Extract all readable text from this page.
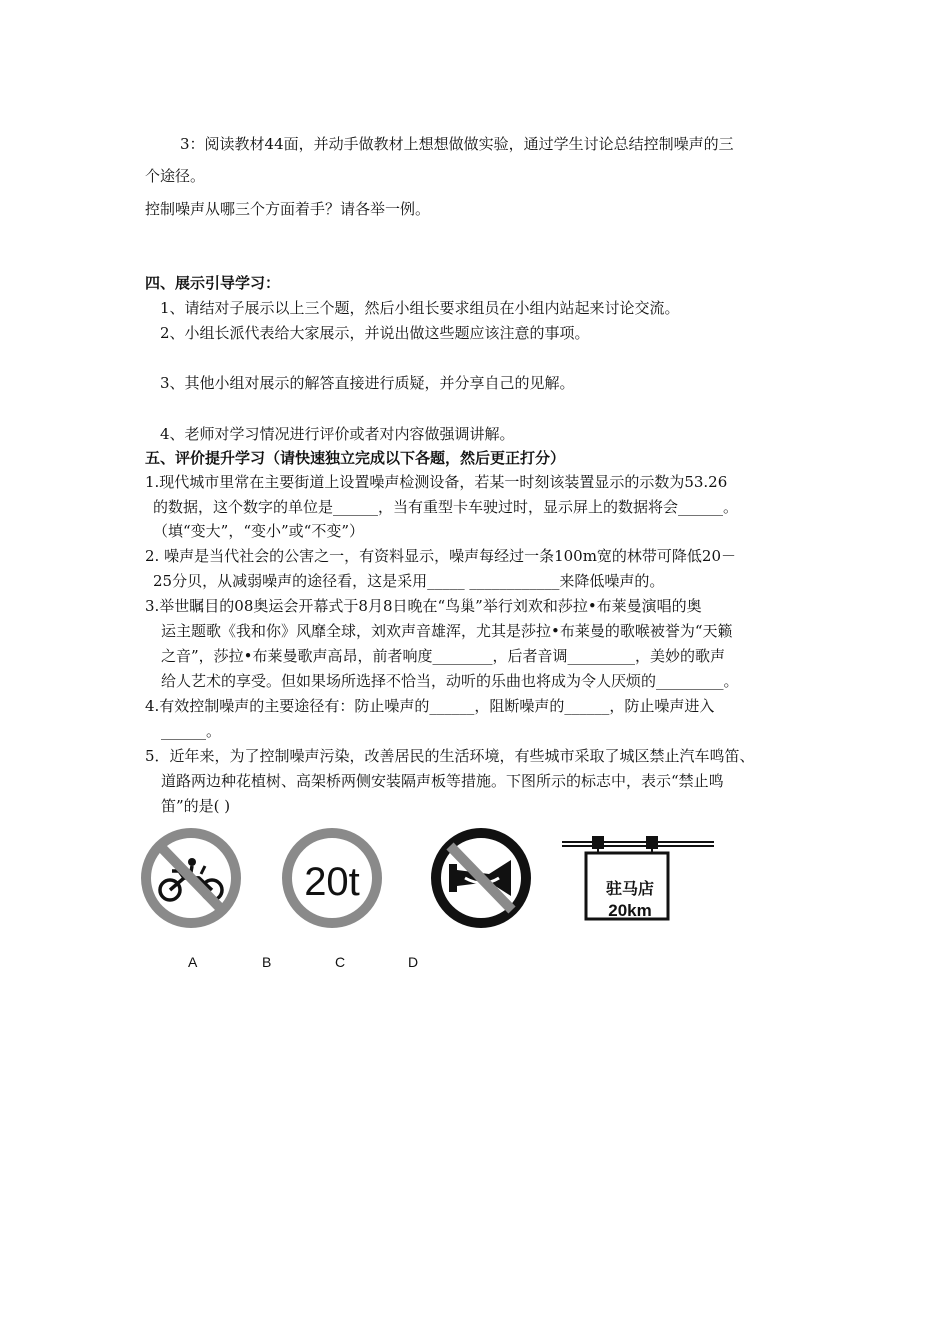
3：阅读教材44面，并动手做教材上想想做做实验，通过学生讨论总结控制噪声的三
个途径。
控制噪声从哪三个方面着手？请各举一例。
四、展示引导学习：
1、请结对子展示以上三个题，然后小组长要求组员在小组内站起来讨论交流。
2、小组长派代表给大家展示，并说出做这些题应该注意的事项。
3、其他小组对展示的解答直接进行质疑，并分享自己的见解。
4、老师对学习情况进行评价或者对内容做强调讲解。
五、评价提升学习（请快速独立完成以下各题，然后更正打分）
1.现代城市里常在主要街道上设置噪声检测设备，若某一时刻该装置显示的示数为53.26
的数据，这个数字的单位是______，当有重型卡车驶过时，显示屏上的数据将会______。
（填“变大”，“变小”或“不变”）
2. 噪声是当代社会的公害之一，有资料显示，噪声每经过一条100m宽的林带可降低20－
25分贝，从减弱噪声的途径看，这是采用_____ ____________来降低噪声的。
3.举世瞩目的08奥运会开幕式于8月8日晚在“鸟巢”举行刘欢和莎拉•布莱曼演唱的奥
运主题歌《我和你》风靡全球，刘欢声音雄浑，尤其是莎拉•布莱曼的歌喉被誉为“天籁
之音”，莎拉•布莱曼歌声高昂，前者响度________，后者音调_________，美妙的歌声
给人艺术的享受。但如果场所选择不恰当，动听的乐曲也将成为令人厌烦的_________。
4.有效控制噪声的主要途径有：防止噪声的______，阻断噪声的______，防止噪声进入
______。
5．近年来，为了控制噪声污染，改善居民的生活环境，有些城市采取了城区禁止汽车鸣笛、
道路两边种花植树、高架桥两侧安装隔声板等措施。下图所示的标志中，表示“禁止鸣
笛”的是( )
20t	驻马店
20km
A	B	C	D
